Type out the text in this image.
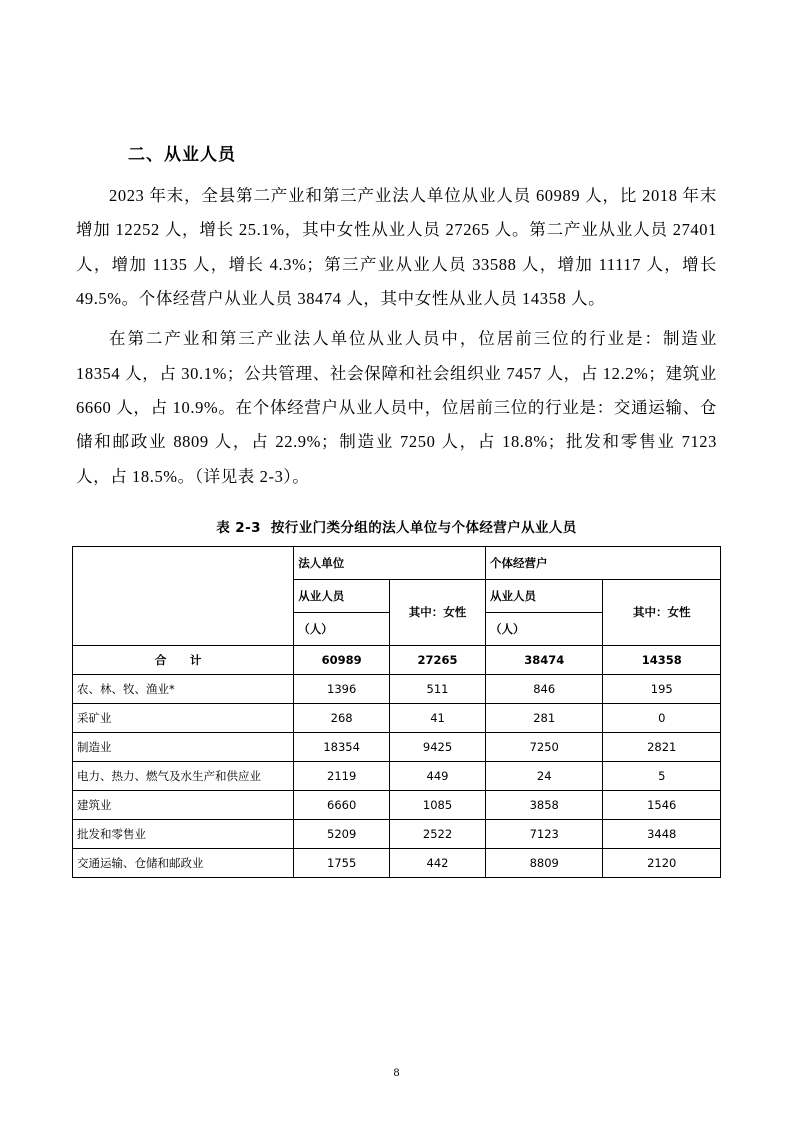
二、从业人员

2023 年末，全县第二产业和第三产业法人单位从业人员 60989 人，比 2018 年末增加 12252 人，增长 25.1%，其中女性从业人员 27265 人。第二产业从业人员 27401 人，增加 1135 人，增长 4.3%；第三产业从业人员 33588 人，增加 11117 人，增长 49.5%。个体经营户从业人员 38474 人，其中女性从业人员 14358 人。

在第二产业和第三产业法人单位从业人员中，位居前三位的行业是：制造业 18354 人，占 30.1%；公共管理、社会保障和社会组织业 7457 人，占 12.2%；建筑业 6660 人，占 10.9%。在个体经营户从业人员中，位居前三位的行业是：交通运输、仓储和邮政业 8809 人，占 22.9%；制造业 7250 人，占 18.8%；批发和零售业 7123 人，占 18.5%。（详见表 2-3）。

表 2-3 按行业门类分组的法人单位与个体经营户从业人员
	法人单位		个体经营户	
	从业人员	其中：女性	从业人员	其中：女性
	（人）		（人）	
合　计	60989	27265	38474	14358
农、林、牧、渔业*	1396	511	846	195
采矿业	268	41	281	0
制造业	18354	9425	7250	2821
电力、热力、燃气及水生产和供应业	2119	449	24	5
建筑业	6660	1085	3858	1546
批发和零售业	5209	2522	7123	3448
交通运输、仓储和邮政业	1755	442	8809	2120
8
